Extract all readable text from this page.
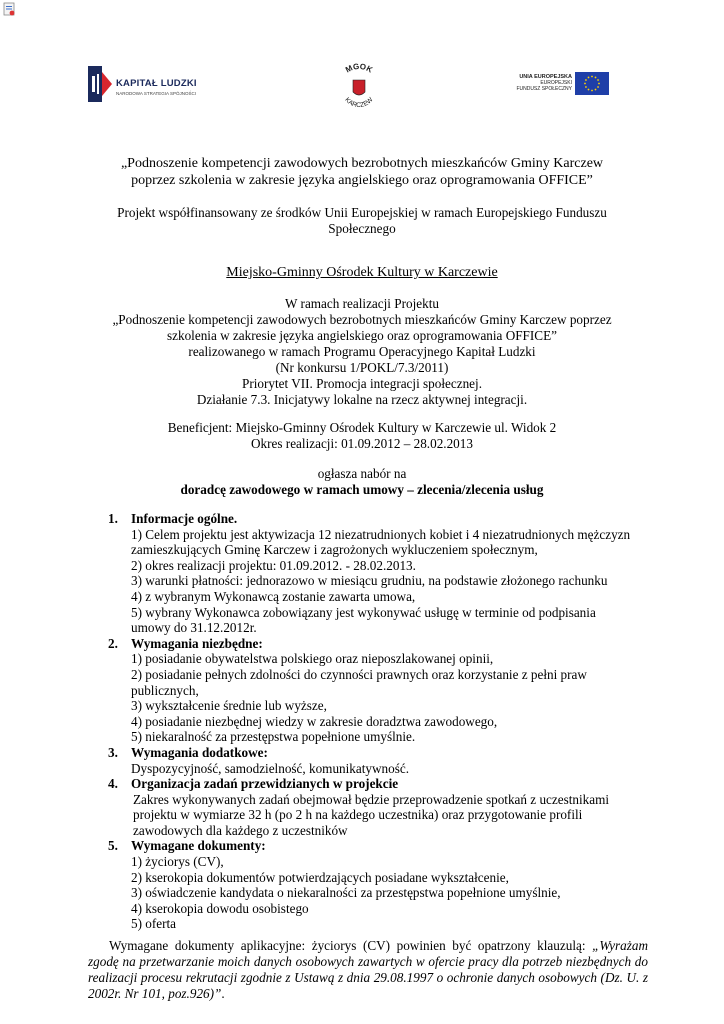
KAPITAŁ LUDZKI
NARODOWA STRATEGIA SPÓJNOŚCI
MGOK
KARCZEW
UNIA EUROPEJSKA
EUROPEJSKI
FUNDUSZ SPOŁECZNY
„Podnoszenie kompetencji zawodowych bezrobotnych mieszkańców Gminy Karczew
poprzez szkolenia w zakresie języka angielskiego oraz oprogramowania OFFICE”
Projekt współfinansowany ze środków Unii Europejskiej w ramach Europejskiego Funduszu
Społecznego
Miejsko-Gminny Ośrodek Kultury w Karczewie
W ramach realizacji Projektu
„Podnoszenie kompetencji zawodowych bezrobotnych mieszkańców Gminy Karczew poprzez
szkolenia w zakresie języka angielskiego oraz oprogramowania OFFICE”
realizowanego w ramach Programu Operacyjnego Kapitał Ludzki
(Nr konkursu 1/POKL/7.3/2011)
Priorytet VII. Promocja integracji społecznej.
Działanie 7.3. Inicjatywy lokalne na rzecz aktywnej integracji.
Beneficjent: Miejsko-Gminny Ośrodek Kultury w Karczewie ul. Widok 2
Okres realizacji: 01.09.2012 – 28.02.2013
ogłasza nabór na
doradcę zawodowego w ramach umowy – zlecenia/zlecenia usług
1. Informacje ogólne.
1) Celem projektu jest aktywizacja 12 niezatrudnionych kobiet i 4 niezatrudnionych mężczyzn
zamieszkujących Gminę Karczew i zagrożonych wykluczeniem społecznym,
2) okres realizacji projektu: 01.09.2012. - 28.02.2013.
3) warunki płatności: jednorazowo w miesiącu grudniu, na podstawie złożonego rachunku
4) z wybranym Wykonawcą zostanie zawarta umowa,
5) wybrany Wykonawca zobowiązany jest wykonywać usługę w terminie od podpisania
umowy do 31.12.2012r.
2. Wymagania niezbędne:
1) posiadanie obywatelstwa polskiego oraz nieposzlakowanej opinii,
2) posiadanie pełnych zdolności do czynności prawnych oraz korzystanie z pełni praw
publicznych,
3) wykształcenie średnie lub wyższe,
4) posiadanie niezbędnej wiedzy w zakresie doradztwa zawodowego,
5) niekaralność za przestępstwa popełnione umyślnie.
3. Wymagania dodatkowe:
Dyspozycyjność, samodzielność, komunikatywność.
4. Organizacja zadań przewidzianych w projekcie
Zakres wykonywanych zadań obejmował będzie przeprowadzenie spotkań z uczestnikami
projektu w wymiarze 32 h (po 2 h na każdego uczestnika) oraz przygotowanie profili
zawodowych dla każdego z uczestników
5. Wymagane dokumenty:
1) życiorys (CV),
2) kserokopia dokumentów potwierdzających posiadane wykształcenie,
3) oświadczenie kandydata o niekaralności za przestępstwa popełnione umyślnie,
4) kserokopia dowodu osobistego
5) oferta
Wymagane dokumenty aplikacyjne: życiorys (CV) powinien być opatrzony klauzulą: „Wyrażam zgodę na przetwarzanie moich danych osobowych zawartych w ofercie pracy dla potrzeb niezbędnych do realizacji procesu rekrutacji zgodnie z Ustawą z dnia 29.08.1997 o ochronie danych osobowych (Dz. U. z 2002r. Nr 101, poz.926)”.
